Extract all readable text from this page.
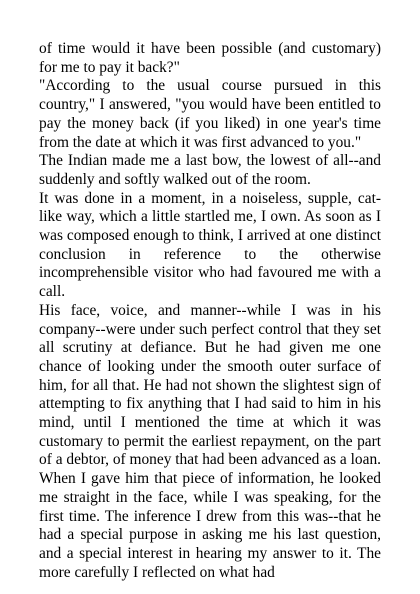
of time would it have been possible (and customary) for me to pay it back?"

"According to the usual course pursued in this country," I answered, "you would have been entitled to pay the money back (if you liked) in one year's time from the date at which it was first advanced to you."

The Indian made me a last bow, the lowest of all--and suddenly and softly walked out of the room.

It was done in a moment, in a noiseless, supple, cat-like way, which a little startled me, I own. As soon as I was composed enough to think, I arrived at one distinct conclusion in reference to the otherwise incomprehensible visitor who had favoured me with a call.

His face, voice, and manner--while I was in his company--were under such perfect control that they set all scrutiny at defiance. But he had given me one chance of looking under the smooth outer surface of him, for all that. He had not shown the slightest sign of attempting to fix anything that I had said to him in his mind, until I mentioned the time at which it was customary to permit the earliest repayment, on the part of a debtor, of money that had been advanced as a loan. When I gave him that piece of information, he looked me straight in the face, while I was speaking, for the first time. The inference I drew from this was--that he had a special purpose in asking me his last question, and a special interest in hearing my answer to it. The more carefully I reflected on what had
